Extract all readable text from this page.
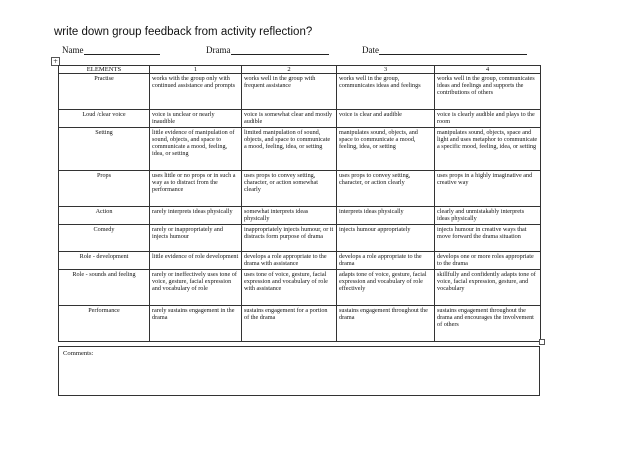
write down group feedback from activity reflection?
Name	Drama	Date
+
ELEMENTS	1	2	3	4
Practise	works with the group only with continued assistance and prompts	works well in the group with frequent assistance	works well in the group, communicates ideas and feelings	works well in the group, communicates ideas and feelings and supports the contributions of others
Loud /clear voice	voice is unclear or nearly inaudible	voice is somewhat clear and mostly audible	voice is clear and audible	voice is clearly audible and plays to the room
Setting	little evidence of manipulation of sound, objects, and space to communicate a mood, feeling, idea, or setting	limited manipulation of sound, objects, and space to communicate a mood, feeling, idea, or setting	manipulates sound, objects, and space to communicate a mood, feeling, idea, or setting	manipulates sound, objects, space and light and uses metaphor to communicate a specific mood, feeling, idea, or setting
Props	uses little or no props or in such a way as to distract from the performance	uses props to convey setting, character, or action somewhat clearly	uses props to convey setting, character, or action clearly	uses props in a highly imaginative and creative way
Action	rarely interprets ideas physically	somewhat interprets ideas physically	interprets ideas physically	clearly and unmistakably interprets ideas physically
Comedy	rarely or inappropriately and injects humour	inappropriately injects humour, or it distracts form purpose of drama	injects humour appropriately	injects humour in creative ways that move forward the drama situation
Role - development	little evidence of role development	develops a role appropriate to the drama with assistance	develops a role appropriate to the drama	develops one or more roles appropriate to the drama
Role - sounds and feeling	rarely or ineffectively uses tone of voice, gesture, facial expression and vocabulary of role	uses tone of voice, gesture, facial expression and vocabulary of role with assistance	adapts tone of voice, gesture, facial expression and vocabulary of role effectively	skillfully and confidently adapts tone of voice, facial expression, gesture, and vocabulary
Performance	rarely sustains engagement in the drama	sustains engagement for a portion of the drama	sustains engagement throughout the drama	sustains engagement throughout the drama and encourages the involvement of others
Comments:
